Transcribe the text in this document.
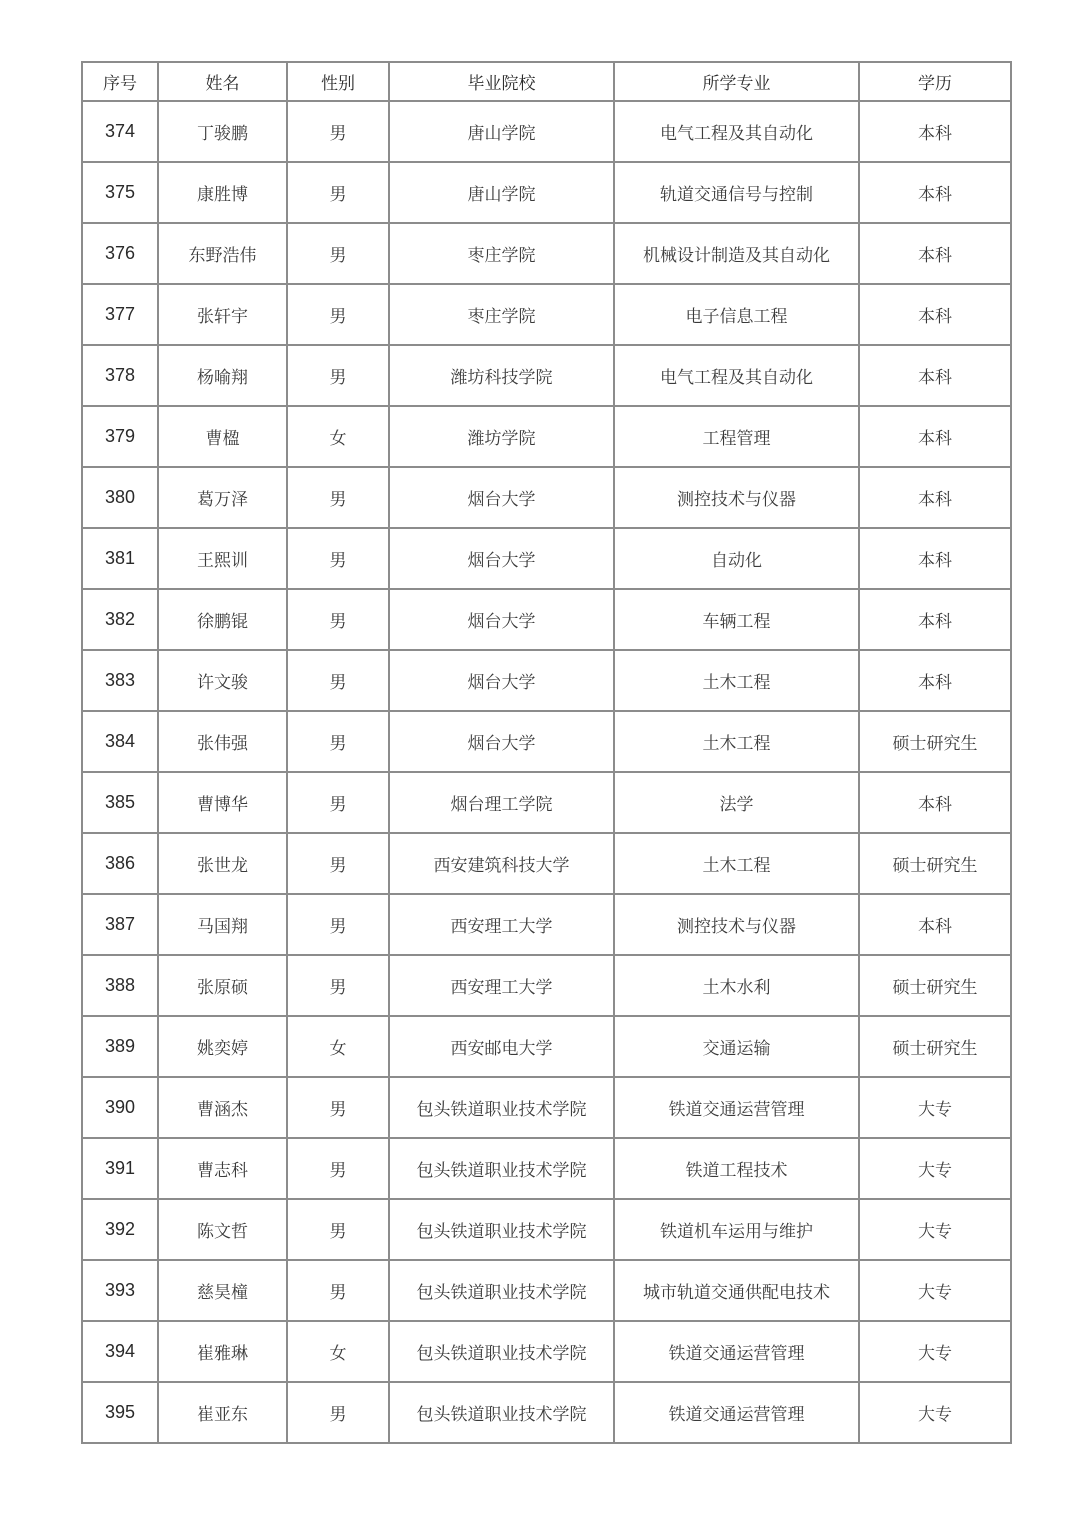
序号	姓名	性别	毕业院校	所学专业	学历
374	丁骏鹏	男	唐山学院	电气工程及其自动化	本科
375	康胜博	男	唐山学院	轨道交通信号与控制	本科
376	东野浩伟	男	枣庄学院	机械设计制造及其自动化	本科
377	张轩宇	男	枣庄学院	电子信息工程	本科
378	杨喻翔	男	潍坊科技学院	电气工程及其自动化	本科
379	曹楹	女	潍坊学院	工程管理	本科
380	葛万泽	男	烟台大学	测控技术与仪器	本科
381	王熙训	男	烟台大学	自动化	本科
382	徐鹏锟	男	烟台大学	车辆工程	本科
383	许文骏	男	烟台大学	土木工程	本科
384	张伟强	男	烟台大学	土木工程	硕士研究生
385	曹博华	男	烟台理工学院	法学	本科
386	张世龙	男	西安建筑科技大学	土木工程	硕士研究生
387	马国翔	男	西安理工大学	测控技术与仪器	本科
388	张原硕	男	西安理工大学	土木水利	硕士研究生
389	姚奕婷	女	西安邮电大学	交通运输	硕士研究生
390	曹涵杰	男	包头铁道职业技术学院	铁道交通运营管理	大专
391	曹志科	男	包头铁道职业技术学院	铁道工程技术	大专
392	陈文哲	男	包头铁道职业技术学院	铁道机车运用与维护	大专
393	慈昊橦	男	包头铁道职业技术学院	城市轨道交通供配电技术	大专
394	崔雅琳	女	包头铁道职业技术学院	铁道交通运营管理	大专
395	崔亚东	男	包头铁道职业技术学院	铁道交通运营管理	大专
